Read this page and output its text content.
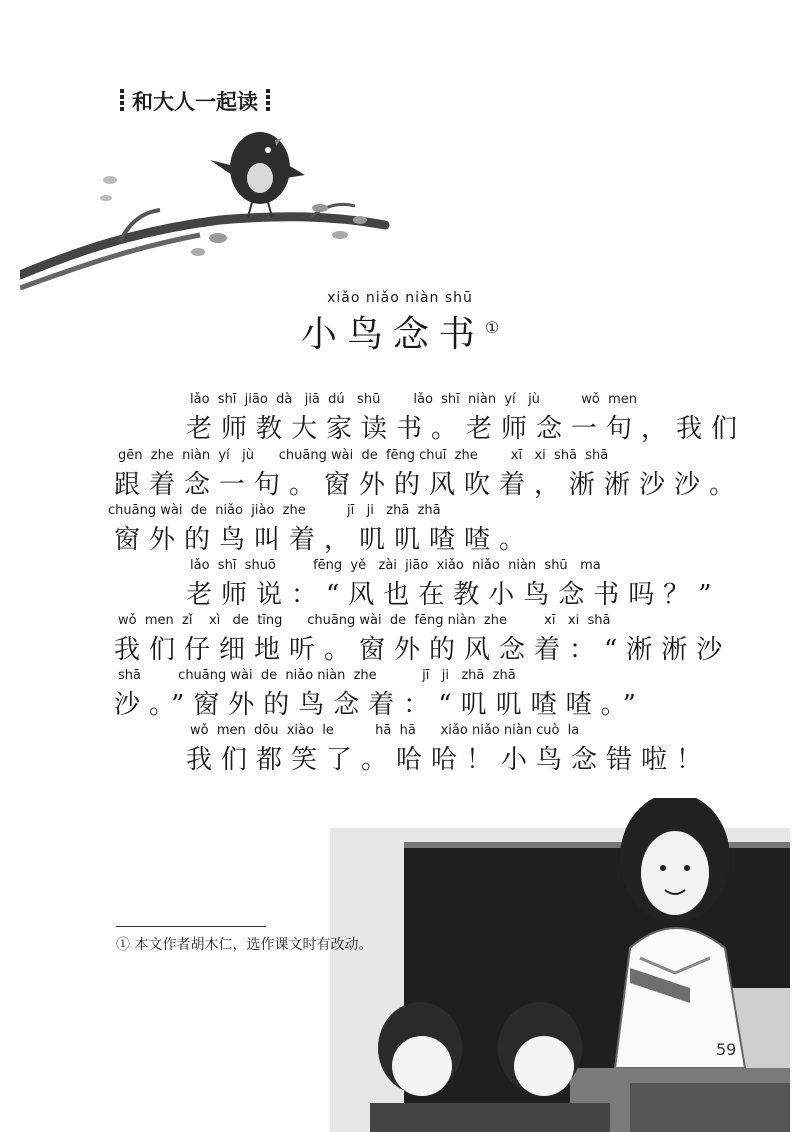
和大人一起读
xiǎo niǎo niàn shū
小鸟念书①
lǎo  shī  jiāo  dà   jiā  dú   shū        lǎo  shī  niàn  yí   jù          wǒ  men
老师教大家读书。老师念一句，我们
gēn  zhe  niàn  yí   jù      chuāng wài  de  fēng chuī  zhe        xī   xi  shā  shā
跟着念一句。窗外的风吹着，淅淅沙沙。
chuāng wài  de  niǎo  jiào  zhe          jī   ji   zhā  zhā
窗外的鸟叫着，叽叽喳喳。
lǎo  shī  shuō         fēng  yě   zài  jiāo  xiǎo  niǎo  niàn  shū   ma
老师说：“风也在教小鸟念书吗？”
wǒ  men  zǐ    xì   de  tīng      chuāng wài  de  fēng niàn  zhe         xī   xi  shā
我们仔细地听。窗外的风念着：“淅淅沙
shā         chuāng wài  de  niǎo niàn  zhe           jī   ji   zhā  zhā
沙。”窗外的鸟念着：“叽叽喳喳。”
wǒ  men  dōu  xiào  le          hā  hā      xiǎo niǎo niàn cuò  la
我们都笑了。哈哈！小鸟念错啦！
① 本文作者胡木仁，选作课文时有改动。
59
